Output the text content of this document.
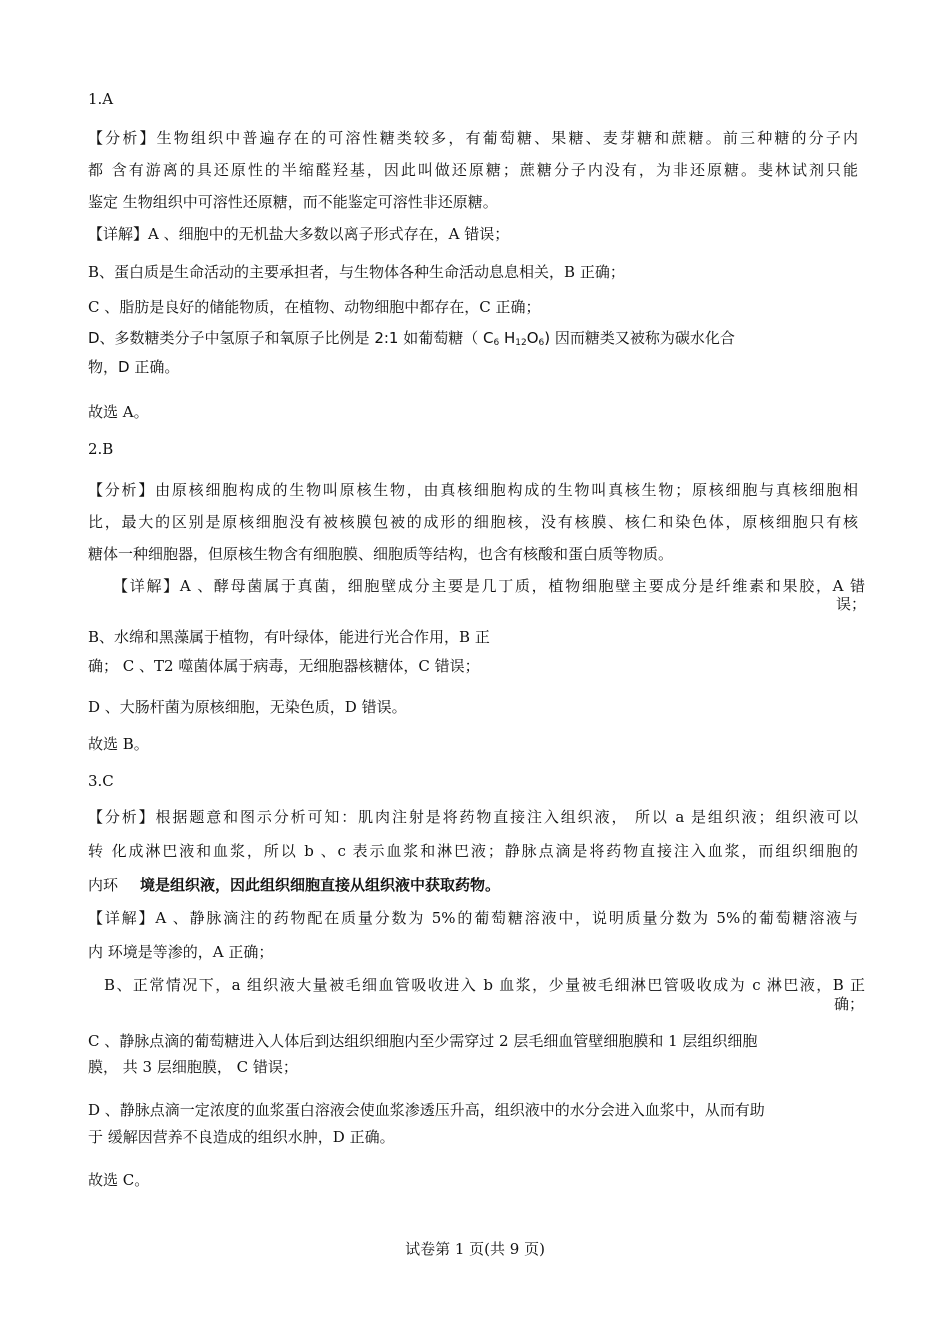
1.A
【分析】生物组织中普遍存在的可溶性糖类较多，有葡萄糖、果糖、麦芽糖和蔗糖。前三种糖的分子内
都 含有游离的具还原性的半缩醛羟基，因此叫做还原糖；蔗糖分子内没有，为非还原糖。斐林试剂只能
鉴定 生物组织中可溶性还原糖，而不能鉴定可溶性非还原糖。
【详解】A 、细胞中的无机盐大多数以离子形式存在，A 错误；
B、蛋白质是生命活动的主要承担者，与生物体各种生命活动息息相关，B 正确；
C 、脂肪是良好的储能物质，在植物、动物细胞中都存在，C 正确；
D、多数糖类分子中氢原子和氧原子比例是 2:1 如葡萄糖（ $C_6$ $H_{12}O_6$) 因而糖类又被称为碳水化合
物，D 正确。
故选 A。
2.B
【分析】由原核细胞构成的生物叫原核生物，由真核细胞构成的生物叫真核生物；原核细胞与真核细胞相
比，最大的区别是原核细胞没有被核膜包被的成形的细胞核，没有核膜、核仁和染色体，原核细胞只有核
糖体一种细胞器，但原核生物含有细胞膜、细胞质等结构，也含有核酸和蛋白质等物质。
【详解】A 、酵母菌属于真菌，细胞壁成分主要是几丁质，植物细胞壁主要成分是纤维素和果胶，A 错
误；
B、水绵和黑藻属于植物，有叶绿体，能进行光合作用，B 正
确； C 、T2 噬菌体属于病毒，无细胞器核糖体，C 错误；
D 、大肠杆菌为原核细胞，无染色质，D 错误。
故选 B。
3.C
【分析】根据题意和图示分析可知：肌肉注射是将药物直接注入组织液， 所以 a 是组织液；组织液可以
转 化成淋巴液和血浆，所以 b 、c 表示血浆和淋巴液；静脉点滴是将药物直接注入血浆，而组织细胞的
内环 境是组织液，因此组织细胞直接从组织液中获取药物。
【详解】A 、静脉滴注的药物配在质量分数为 5%的葡萄糖溶液中，说明质量分数为 5%的葡萄糖溶液与
内 环境是等渗的，A 正确；
B、正常情况下，a 组织液大量被毛细血管吸收进入 b 血浆，少量被毛细淋巴管吸收成为 c 淋巴液，B 正
确；
C 、静脉点滴的葡萄糖进入人体后到达组织细胞内至少需穿过 2 层毛细血管壁细胞膜和 1 层组织细胞
膜， 共 3 层细胞膜， C 错误；
D 、静脉点滴一定浓度的血浆蛋白溶液会使血浆渗透压升高，组织液中的水分会进入血浆中，从而有助
于 缓解因营养不良造成的组织水肿，D 正确。
故选 C。
试卷第 1 页(共 9 页)
